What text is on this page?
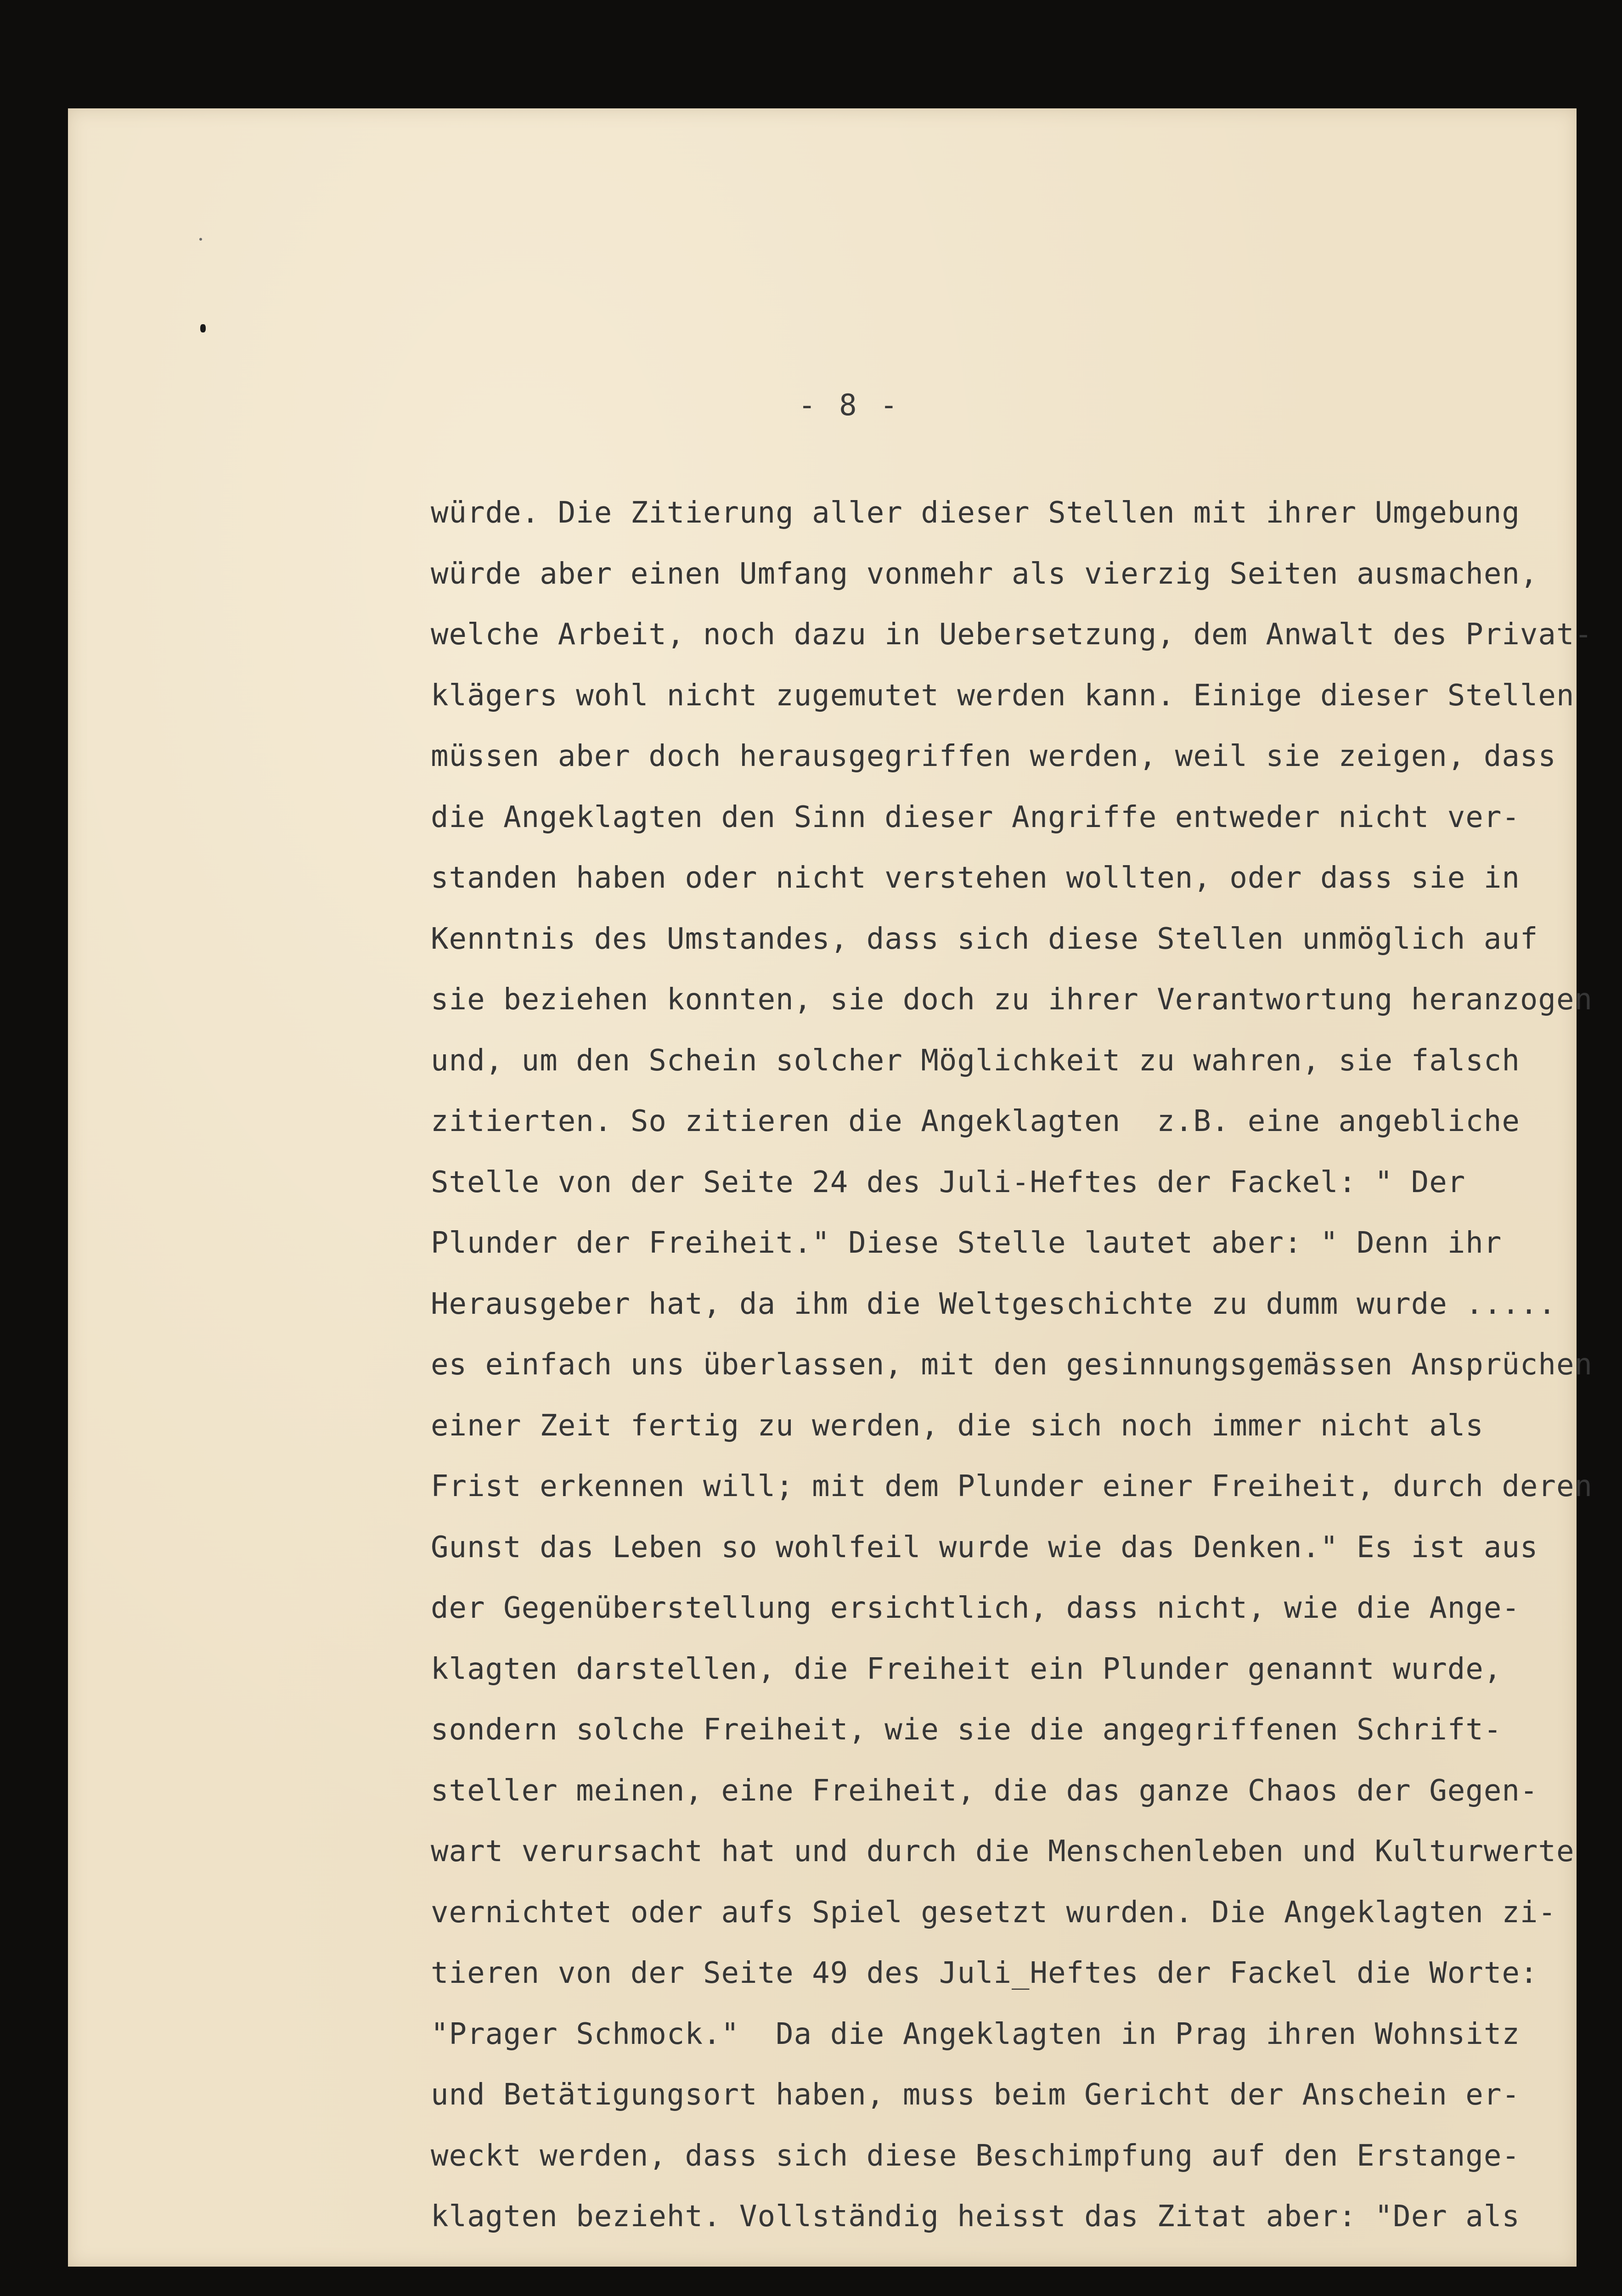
- 8 -
würde. Die Zitierung aller dieser Stellen mit ihrer Umgebung
würde aber einen Umfang vonmehr als vierzig Seiten ausmachen,
welche Arbeit, noch dazu in Uebersetzung, dem Anwalt des Privat-
klägers wohl nicht zugemutet werden kann. Einige dieser Stellen
müssen aber doch herausgegriffen werden, weil sie zeigen, dass
die Angeklagten den Sinn dieser Angriffe entweder nicht ver-
standen haben oder nicht verstehen wollten, oder dass sie in
Kenntnis des Umstandes, dass sich diese Stellen unmöglich auf
sie beziehen konnten, sie doch zu ihrer Verantwortung heranzogen
und, um den Schein solcher Möglichkeit zu wahren, sie falsch
zitierten. So zitieren die Angeklagten  z.B. eine angebliche
Stelle von der Seite 24 des Juli-Heftes der Fackel: " Der
Plunder der Freiheit." Diese Stelle lautet aber: " Denn ihr
Herausgeber hat, da ihm die Weltgeschichte zu dumm wurde .....
es einfach uns überlassen, mit den gesinnungsgemässen Ansprüchen
einer Zeit fertig zu werden, die sich noch immer nicht als
Frist erkennen will; mit dem Plunder einer Freiheit, durch deren
Gunst das Leben so wohlfeil wurde wie das Denken." Es ist aus
der Gegenüberstellung ersichtlich, dass nicht, wie die Ange-
klagten darstellen, die Freiheit ein Plunder genannt wurde,
sondern solche Freiheit, wie sie die angegriffenen Schrift-
steller meinen, eine Freiheit, die das ganze Chaos der Gegen-
wart verursacht hat und durch die Menschenleben und Kulturwerte
vernichtet oder aufs Spiel gesetzt wurden. Die Angeklagten zi-
tieren von der Seite 49 des Juli_Heftes der Fackel die Worte:
"Prager Schmock."  Da die Angeklagten in Prag ihren Wohnsitz
und Betätigungsort haben, muss beim Gericht der Anschein er-
weckt werden, dass sich diese Beschimpfung auf den Erstange-
klagten bezieht. Vollständig heisst das Zitat aber: "Der als
